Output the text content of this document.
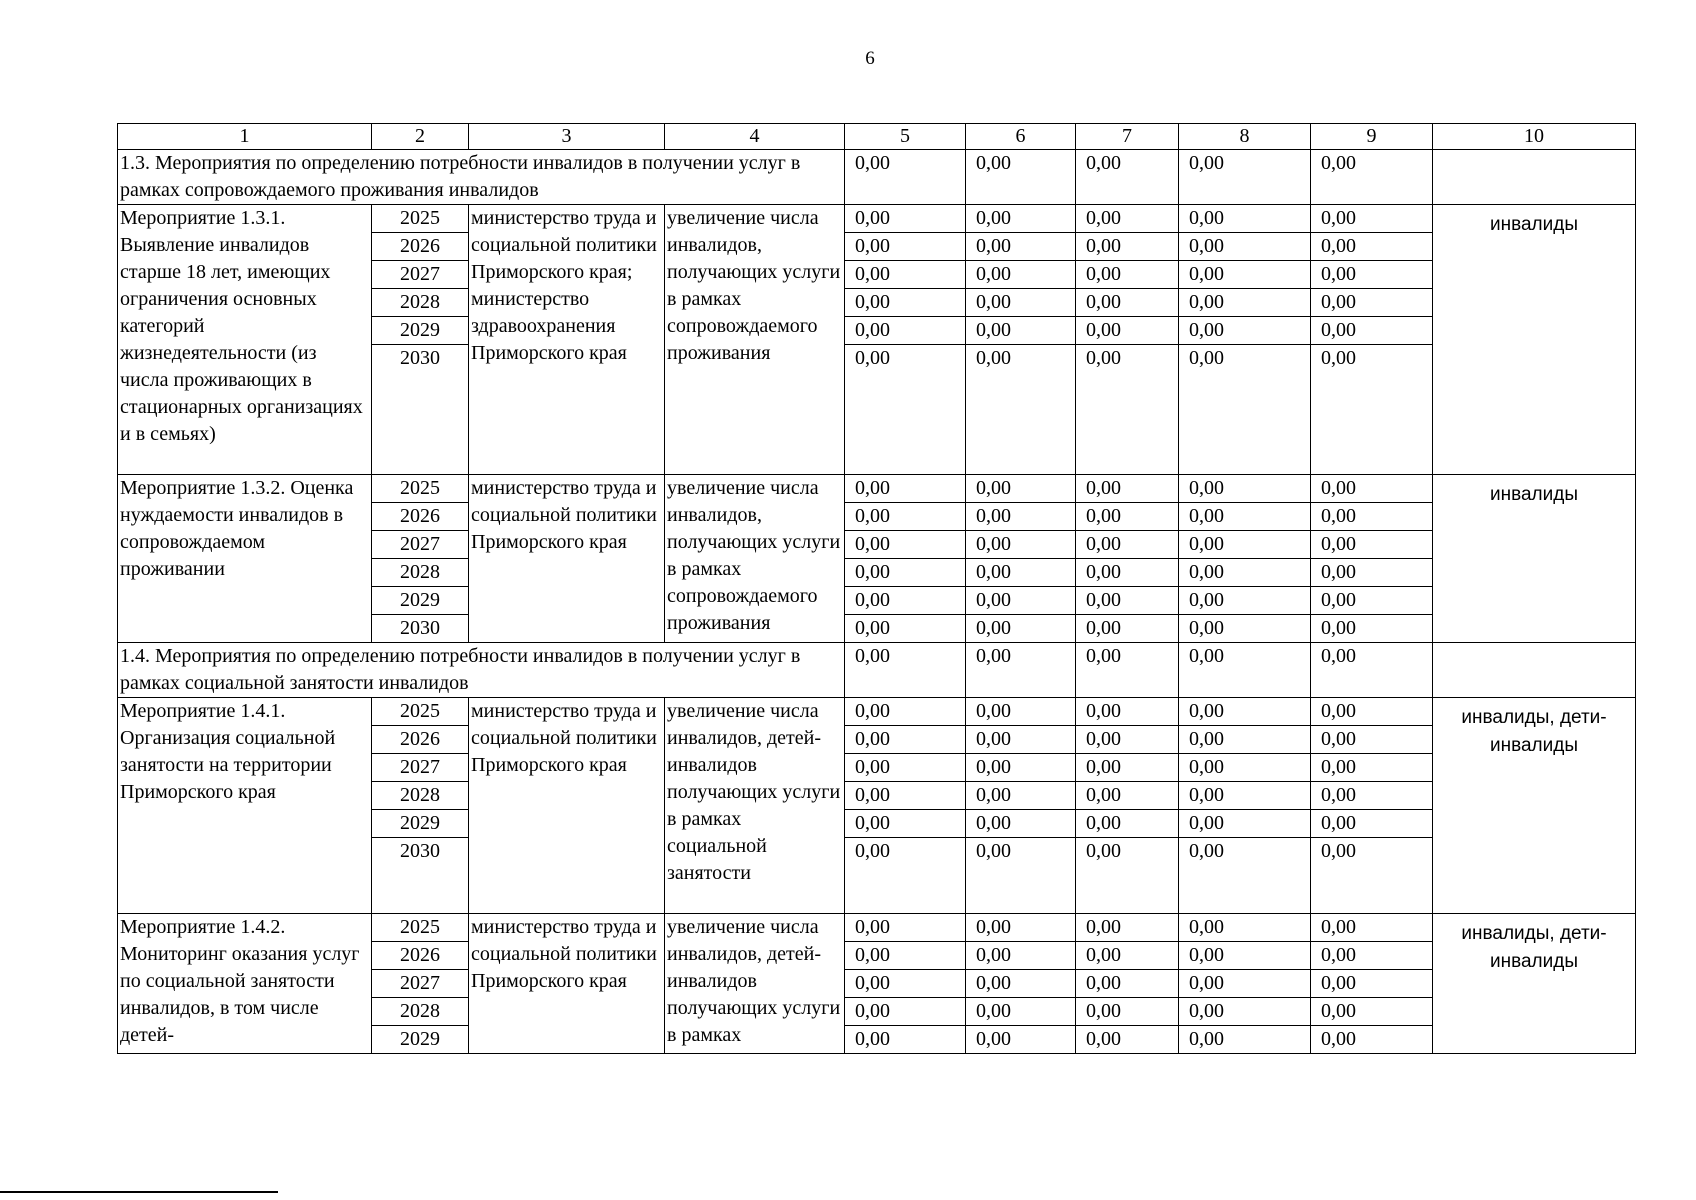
6
1	2	3	4	5	6	7	8	9	10
1.3. Мероприятия по определению потребности инвалидов в получении услуг в рамках сопровождаемого проживания инвалидов				0,00	0,00	0,00	0,00	0,00	
Мероприятие 1.3.1. Выявление инвалидов старше 18 лет, имеющих ограничения основных категорий жизнедеятельности (из числа проживающих в стационарных организациях и в семьях)	2025	министерство труда и социальной политики Приморского края; министерство здравоохранения Приморского края	увеличение числа инвалидов, получающих услуги в рамках сопровождаемого проживания	0,00	0,00	0,00	0,00	0,00	инвалиды
	2026			0,00	0,00	0,00	0,00	0,00	
	2027			0,00	0,00	0,00	0,00	0,00	
	2028			0,00	0,00	0,00	0,00	0,00	
	2029			0,00	0,00	0,00	0,00	0,00	
	2030			0,00	0,00	0,00	0,00	0,00	
Мероприятие 1.3.2. Оценка нуждаемости инвалидов в сопровождаемом проживании	2025	министерство труда и социальной политики Приморского края	увеличение числа инвалидов, получающих услуги в рамках сопровождаемого проживания	0,00	0,00	0,00	0,00	0,00	инвалиды
	2026			0,00	0,00	0,00	0,00	0,00	
	2027			0,00	0,00	0,00	0,00	0,00	
	2028			0,00	0,00	0,00	0,00	0,00	
	2029			0,00	0,00	0,00	0,00	0,00	
	2030			0,00	0,00	0,00	0,00	0,00	
1.4. Мероприятия по определению потребности инвалидов в получении услуг в рамках социальной занятости инвалидов				0,00	0,00	0,00	0,00	0,00	
Мероприятие 1.4.1. Организация социальной занятости на территории Приморского края	2025	министерство труда и социальной политики Приморского края	увеличение числа инвалидов, детей-инвалидов получающих услуги в рамках социальной занятости	0,00	0,00	0,00	0,00	0,00	инвалиды, дети-инвалиды
	2026			0,00	0,00	0,00	0,00	0,00	
	2027			0,00	0,00	0,00	0,00	0,00	
	2028			0,00	0,00	0,00	0,00	0,00	
	2029			0,00	0,00	0,00	0,00	0,00	
	2030			0,00	0,00	0,00	0,00	0,00	
Мероприятие 1.4.2. Мониторинг оказания услуг по социальной занятости инвалидов, в том числе детей-	2025	министерство труда и социальной политики Приморского края	увеличение числа инвалидов, детей-инвалидов получающих услуги в рамках	0,00	0,00	0,00	0,00	0,00	инвалиды, дети-инвалиды
	2026			0,00	0,00	0,00	0,00	0,00	
	2027			0,00	0,00	0,00	0,00	0,00	
	2028			0,00	0,00	0,00	0,00	0,00	
	2029			0,00	0,00	0,00	0,00	0,00	
